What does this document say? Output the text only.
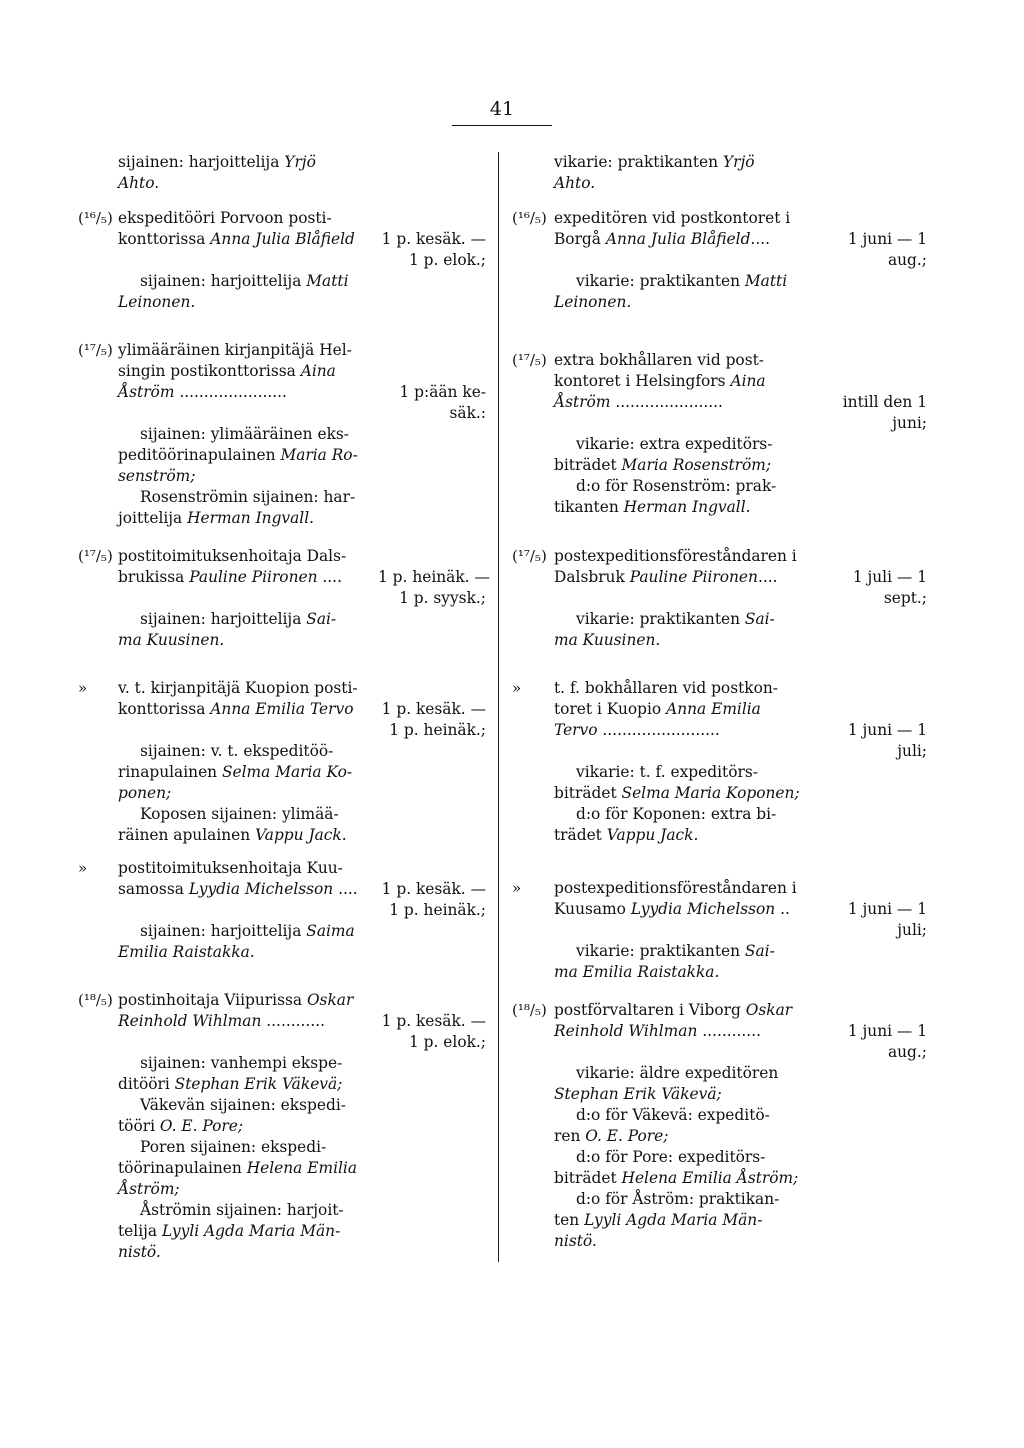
41
sijainen: harjoittelija Yrjö
Ahto.
(¹⁶/₅) ekspeditööri Porvoon posti-
konttorissa Anna Julia Blåfield 1 p. kesäk. —
1 p. elok.;
sijainen: harjoittelija Matti
Leinonen.
(¹⁷/₅) ylimääräinen kirjanpitäjä Hel-
singin postikonttorissa Aina
Åström ......................	1 p:ään ke-
säk.:
sijainen: ylimääräinen eks-
peditöörinapulainen Maria Ro-
senström;
Rosenströmin sijainen: har-
joittelija Herman Ingvall.
(¹⁷/₅) postitoimituksenhoitaja Dals-
brukissa Pauline Piironen .... 1 p. heinäk. —
1 p. syysk.;
sijainen: harjoittelija Sai-
ma Kuusinen.
» v. t. kirjanpitäjä Kuopion posti-
konttorissa Anna Emilia Tervo 1 p. kesäk. —
1 p. heinäk.;
sijainen: v. t. ekspeditöö-
rinapulainen Selma Maria Ko-
ponen;
Koposen sijainen: ylimää-
räinen apulainen Vappu Jack.
» postitoimituksenhoitaja Kuu-
samossa Lyydia Michelsson .... 1 p. kesäk. —
1 p. heinäk.;
sijainen: harjoittelija Saima
Emilia Raistakka.
(¹⁸/₅) postinhoitaja Viipurissa Oskar
Reinhold Wihlman ............	1 p. kesäk. —
1 p. elok.;
sijainen: vanhempi ekspe-
ditööri Stephan Erik Väkevä;
Väkevän sijainen: ekspedi-
tööri O. E. Pore;
Poren sijainen: ekspedi-
töörinapulainen Helena Emilia
Åström;
Åströmin sijainen: harjoit-
telija Lyyli Agda Maria Män-
nistö.
vikarie: praktikanten Yrjö
Ahto.
(¹⁶/₅) expeditören vid postkontoret i
Borgå Anna Julia Blåfield....	1 juni — 1
aug.;
vikarie: praktikanten Matti
Leinonen.
(¹⁷/₅) extra bokhållaren vid post-
kontoret i Helsingfors Aina
Åström ......................	intill den 1
juni;
vikarie: extra expeditörs-
biträdet Maria Rosenström;
d:o för Rosenström: prak-
tikanten Herman Ingvall.
(¹⁷/₅) postexpeditionsföreståndaren i
Dalsbruk Pauline Piironen....	1 juli — 1
sept.;
vikarie: praktikanten Sai-
ma Kuusinen.
» t. f. bokhållaren vid postkon-
toret i Kuopio Anna Emilia
Tervo ........................	1 juni — 1
juli;
vikarie: t. f. expeditörs-
biträdet Selma Maria Koponen;
d:o för Koponen: extra bi-
trädet Vappu Jack.
» postexpeditionsföreståndaren i
Kuusamo Lyydia Michelsson ..	1 juni — 1
juli;
vikarie: praktikanten Sai-
ma Emilia Raistakka.
(¹⁸/₅) postförvaltaren i Viborg Oskar
Reinhold Wihlman ............	1 juni — 1
aug.;
vikarie: äldre expeditören
Stephan Erik Väkevä;
d:o för Väkevä: expeditö-
ren O. E. Pore;
d:o för Pore: expeditörs-
biträdet Helena Emilia Åström;
d:o för Åström: praktikan-
ten Lyyli Agda Maria Män-
nistö.
